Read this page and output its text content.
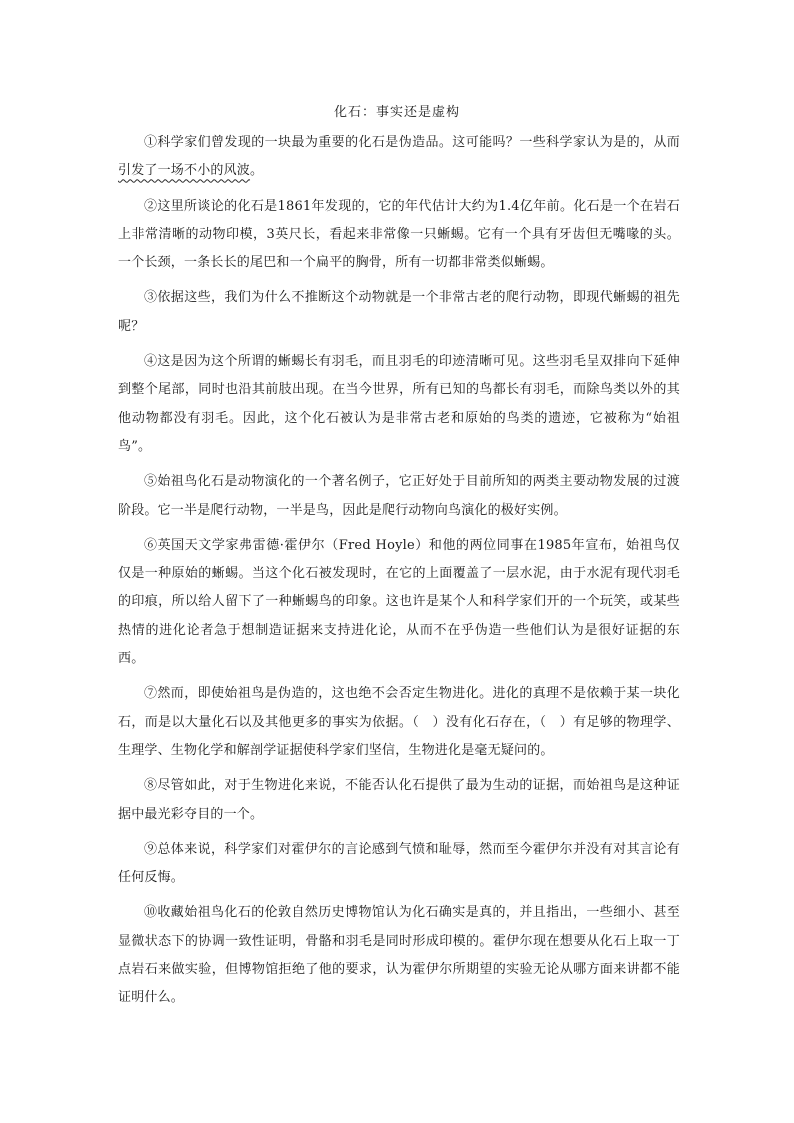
化石：事实还是虚构

①科学家们曾发现的一块最为重要的化石是伪造品。这可能吗？一些科学家认为是的，从而引发了一场不小的风波。

②这里所谈论的化石是1861年发现的，它的年代估计大约为1.4亿年前。化石是一个在岩石上非常清晰的动物印模，3英尺长，看起来非常像一只蜥蜴。它有一个具有牙齿但无嘴喙的头。一个长颈，一条长长的尾巴和一个扁平的胸骨，所有一切都非常类似蜥蜴。

③依据这些，我们为什么不推断这个动物就是一个非常古老的爬行动物，即现代蜥蜴的祖先呢？

④这是因为这个所谓的蜥蜴长有羽毛，而且羽毛的印迹清晰可见。这些羽毛呈双排向下延伸到整个尾部，同时也沿其前肢出现。在当今世界，所有已知的鸟都长有羽毛，而除鸟类以外的其他动物都没有羽毛。因此，这个化石被认为是非常古老和原始的鸟类的遗迹，它被称为“始祖鸟”。

⑤始祖鸟化石是动物演化的一个著名例子，它正好处于目前所知的两类主要动物发展的过渡阶段。它一半是爬行动物，一半是鸟，因此是爬行动物向鸟演化的极好实例。

⑥英国天文学家弗雷德·霍伊尔（Fred Hoyle）和他的两位同事在1985年宣布，始祖鸟仅仅是一种原始的蜥蜴。当这个化石被发现时，在它的上面覆盖了一层水泥，由于水泥有现代羽毛的印痕，所以给人留下了一种蜥蜴鸟的印象。这也许是某个人和科学家们开的一个玩笑，或某些热情的进化论者急于想制造证据来支持进化论，从而不在乎伪造一些他们认为是很好证据的东西。

⑦然而，即使始祖鸟是伪造的，这也绝不会否定生物进化。进化的真理不是依赖于某一块化石，而是以大量化石以及其他更多的事实为依据。（　）没有化石存在，（　）有足够的物理学、生理学、生物化学和解剖学证据使科学家们坚信，生物进化是毫无疑问的。

⑧尽管如此，对于生物进化来说，不能否认化石提供了最为生动的证据，而始祖鸟是这种证据中最光彩夺目的一个。

⑨总体来说，科学家们对霍伊尔的言论感到气愤和耻辱，然而至今霍伊尔并没有对其言论有任何反悔。

⑩收藏始祖鸟化石的伦敦自然历史博物馆认为化石确实是真的，并且指出，一些细小、甚至显微状态下的协调一致性证明，骨骼和羽毛是同时形成印模的。霍伊尔现在想要从化石上取一丁点岩石来做实验，但博物馆拒绝了他的要求，认为霍伊尔所期望的实验无论从哪方面来讲都不能证明什么。
